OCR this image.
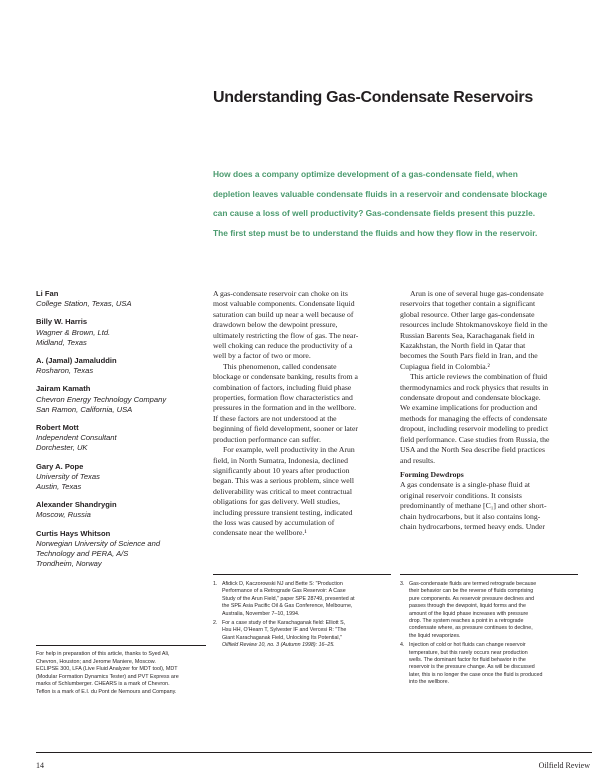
Understanding Gas-Condensate Reservoirs

How does a company optimize development of a gas-condensate field, when

depletion leaves valuable condensate fluids in a reservoir and condensate blockage

can cause a loss of well productivity? Gas-condensate fields present this puzzle.

The first step must be to understand the fluids and how they flow in the reservoir.

Li Fan
College Station, Texas, USA
Billy W. Harris
Wagner & Brown, Ltd.
Midland, Texas
A. (Jamal) Jamaluddin
Rosharon, Texas
Jairam Kamath
Chevron Energy Technology Company
San Ramon, California, USA
Robert Mott
Independent Consultant
Dorchester, UK
Gary A. Pope
University of Texas
Austin, Texas
Alexander Shandrygin
Moscow, Russia
Curtis Hays Whitson
Norwegian University of Science and
Technology and PERA, A/S
Trondheim, Norway

For help in preparation of this article, thanks to Syed Ali,

Chevron, Houston; and Jerome Maniere, Moscow.

ECLIPSE 300, LFA (Live Fluid Analyzer for MDT tool), MDT

(Modular Formation Dynamics Tester) and PVT Express are

marks of Schlumberger. CHEARS is a mark of Chevron.

Teflon is a mark of E.I. du Pont de Nemours and Company.

A gas-condensate reservoir can choke on its

most valuable components. Condensate liquid

saturation can build up near a well because of

drawdown below the dewpoint pressure,

ultimately restricting the flow of gas. The near-

well choking can reduce the productivity of a

well by a factor of two or more.

This phenomenon, called condensate

blockage or condensate banking, results from a

combination of factors, including fluid phase

properties, formation flow characteristics and

pressures in the formation and in the wellbore.

If these factors are not understood at the

beginning of field development, sooner or later

production performance can suffer.

For example, well productivity in the Arun

field, in North Sumatra, Indonesia, declined

significantly about 10 years after production

began. This was a serious problem, since well

deliverability was critical to meet contractual

obligations for gas delivery. Well studies,

including pressure transient testing, indicated

the loss was caused by accumulation of

condensate near the wellbore.¹

Arun is one of several huge gas-condensate

reservoirs that together contain a significant

global resource. Other large gas-condensate

resources include Shtokmanovskoye field in the

Russian Barents Sea, Karachaganak field in

Kazakhstan, the North field in Qatar that

becomes the South Pars field in Iran, and the

Cupiagua field in Colombia.²

This article reviews the combination of fluid

thermodynamics and rock physics that results in

condensate dropout and condensate blockage.

We examine implications for production and

methods for managing the effects of condensate

dropout, including reservoir modeling to predict

field performance. Case studies from Russia, the

USA and the North Sea describe field practices

and results.

Forming Dewdrops

A gas condensate is a single-phase fluid at

original reservoir conditions. It consists

predominantly of methane [C₁] and other short-

chain hydrocarbons, but it also contains long-

chain hydrocarbons, termed heavy ends. Under

1. Afidick D, Kaczorowski NJ and Bette S: "Production

Performance of a Retrograde Gas Reservoir: A Case

Study of the Arun Field," paper SPE 28749, presented at

the SPE Asia Pacific Oil & Gas Conference, Melbourne,

Australia, November 7–10, 1994.

2. For a case study of the Karachaganak field: Elliott S,

Hsu HH, O'Hearn T, Sylvester IF and Vercesi R: "The

Giant Karachaganak Field, Unlocking Its Potential,"

Oilfield Review 10, no. 3 (Autumn 1998): 16–25.

3. Gas-condensate fluids are termed retrograde because

their behavior can be the reverse of fluids comprising

pure components. As reservoir pressure declines and

passes through the dewpoint, liquid forms and the

amount of the liquid phase increases with pressure

drop. The system reaches a point in a retrograde

condensate where, as pressure continues to decline,

the liquid revaporizes.

4. Injection of cold or hot fluids can change reservoir

temperature, but this rarely occurs near production

wells. The dominant factor for fluid behavior in the

reservoir is the pressure change. As will be discussed

later, this is no longer the case once the fluid is produced

into the wellbore.

14	Oilfield Review
